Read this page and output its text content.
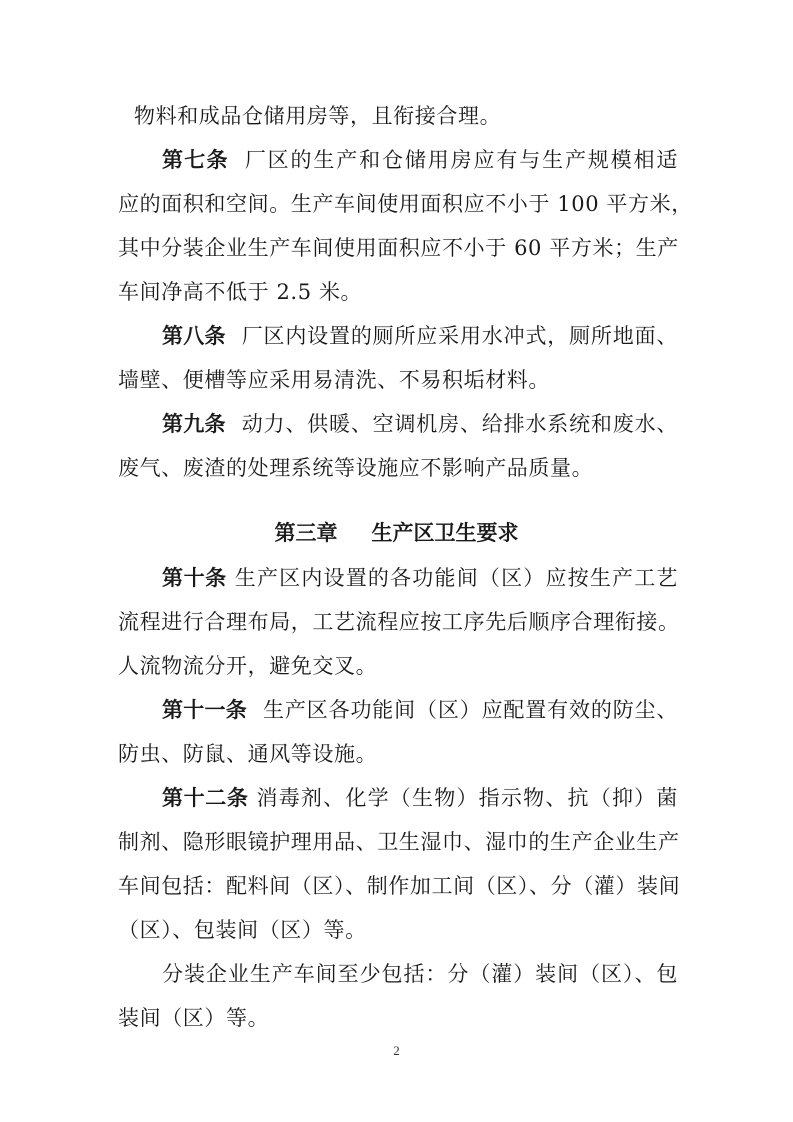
物料和成品仓储用房等，且衔接合理。
第七条 厂区的生产和仓储用房应有与生产规模相适
应的面积和空间。生产车间使用面积应不小于 100 平方米，
其中分装企业生产车间使用面积应不小于 60 平方米；生产
车间净高不低于 2.5 米。
第八条 厂区内设置的厕所应采用水冲式，厕所地面、
墙壁、便槽等应采用易清洗、不易积垢材料。
第九条 动力、供暖、空调机房、给排水系统和废水、
废气、废渣的处理系统等设施应不影响产品质量。
第三章 生产区卫生要求
第十条 生产区内设置的各功能间（区）应按生产工艺
流程进行合理布局，工艺流程应按工序先后顺序合理衔接。
人流物流分开，避免交叉。
第十一条 生产区各功能间（区）应配置有效的防尘、
防虫、防鼠、通风等设施。
第十二条 消毒剂、化学（生物）指示物、抗（抑）菌
制剂、隐形眼镜护理用品、卫生湿巾、湿巾的生产企业生产
车间包括：配料间（区）、制作加工间（区）、分（灌）装间
（区）、包装间（区）等。
分装企业生产车间至少包括：分（灌）装间（区）、包
装间（区）等。
2
